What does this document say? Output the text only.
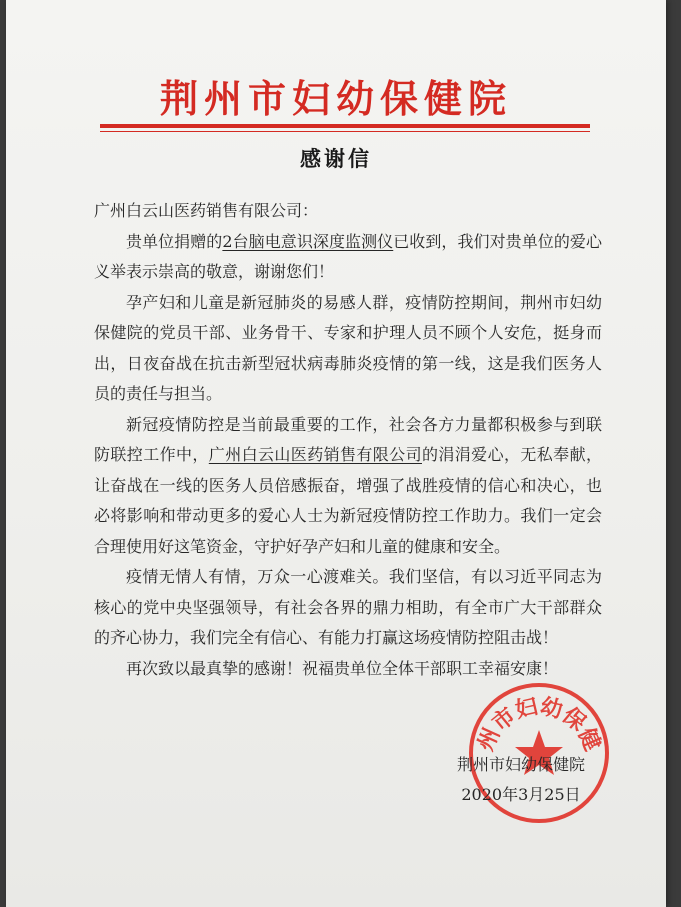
荆州市妇幼保健院
感谢信

广州白云山医药销售有限公司：

贵单位捐赠的2台脑电意识深度监测仪已收到，我们对贵单位的爱心义举表示崇高的敬意，谢谢您们！

孕产妇和儿童是新冠肺炎的易感人群，疫情防控期间，荆州市妇幼保健院的党员干部、业务骨干、专家和护理人员不顾个人安危，挺身而出，日夜奋战在抗击新型冠状病毒肺炎疫情的第一线，这是我们医务人员的责任与担当。

新冠疫情防控是当前最重要的工作，社会各方力量都积极参与到联防联控工作中，广州白云山医药销售有限公司的涓涓爱心，无私奉献，让奋战在一线的医务人员倍感振奋，增强了战胜疫情的信心和决心，也必将影响和带动更多的爱心人士为新冠疫情防控工作助力。我们一定会合理使用好这笔资金，守护好孕产妇和儿童的健康和安全。

疫情无情人有情，万众一心渡难关。我们坚信，有以习近平同志为核心的党中央坚强领导，有社会各界的鼎力相助，有全市广大干部群众的齐心协力，我们完全有信心、有能力打赢这场疫情防控阻击战！

再次致以最真挚的感谢！祝福贵单位全体干部职工幸福安康！

州市妇幼保健
荆州市妇幼保健院
2020年3月25日
